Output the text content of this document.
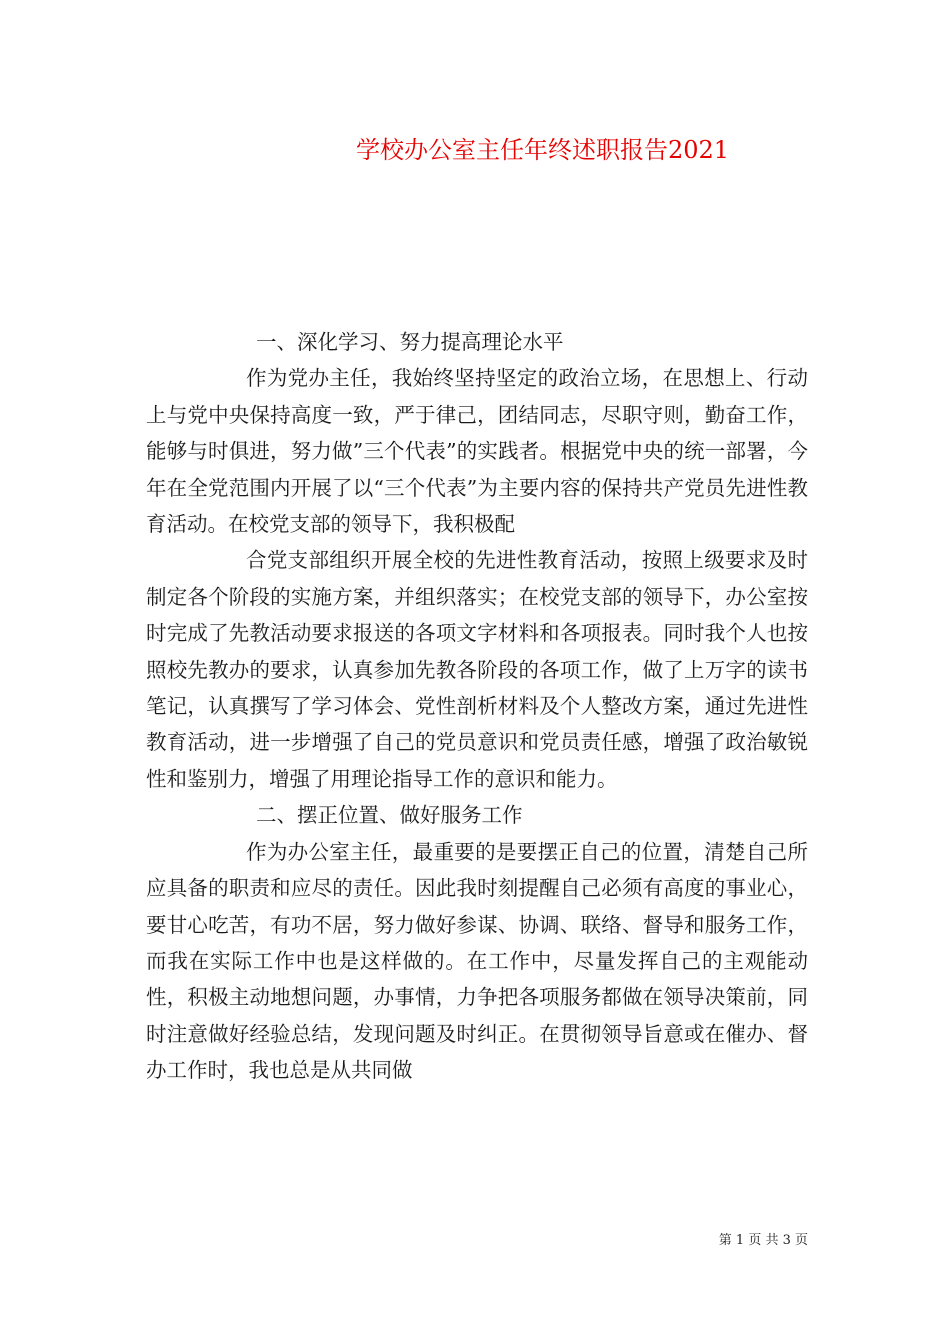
学校办公室主任年终述职报告2021

一、深化学习、努力提高理论水平

作为党办主任，我始终坚持坚定的政治立场，在思想上、行动上与党中央保持高度一致，严于律己，团结同志，尽职守则，勤奋工作，能够与时俱进，努力做”三个代表”的实践者。根据党中央的统一部署，今年在全党范围内开展了以“三个代表”为主要内容的保持共产党员先进性教育活动。在校党支部的领导下，我积极配

合党支部组织开展全校的先进性教育活动，按照上级要求及时制定各个阶段的实施方案，并组织落实；在校党支部的领导下，办公室按时完成了先教活动要求报送的各项文字材料和各项报表。同时我个人也按照校先教办的要求，认真参加先教各阶段的各项工作，做了上万字的读书笔记，认真撰写了学习体会、党性剖析材料及个人整改方案，通过先进性教育活动，进一步增强了自己的党员意识和党员责任感，增强了政治敏锐性和鉴别力，增强了用理论指导工作的意识和能力。

二、摆正位置、做好服务工作

作为办公室主任，最重要的是要摆正自己的位置，清楚自己所应具备的职责和应尽的责任。因此我时刻提醒自己必须有高度的事业心，要甘心吃苦，有功不居，努力做好参谋、协调、联络、督导和服务工作，而我在实际工作中也是这样做的。在工作中，尽量发挥自己的主观能动性，积极主动地想问题，办事情，力争把各项服务都做在领导决策前，同时注意做好经验总结，发现问题及时纠正。在贯彻领导旨意或在催办、督办工作时，我也总是从共同做

第 1 页 共 3 页
